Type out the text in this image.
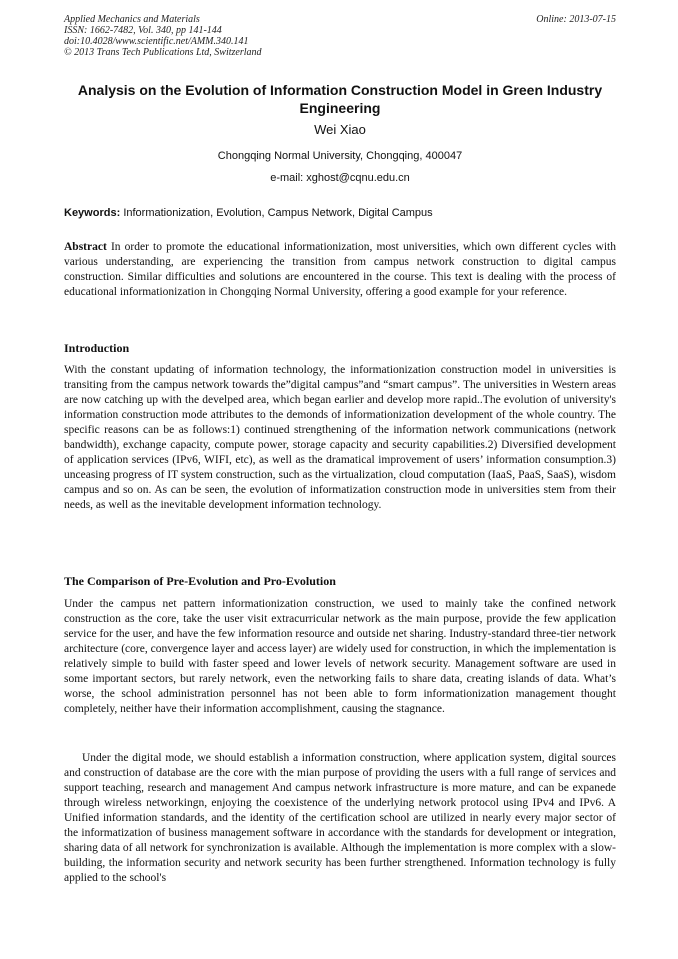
Applied Mechanics and Materials
ISSN: 1662-7482, Vol. 340, pp 141-144
doi:10.4028/www.scientific.net/AMM.340.141
© 2013 Trans Tech Publications Ltd, Switzerland
Online: 2013-07-15
Analysis on the Evolution of Information Construction Model in Green Industry Engineering
Wei Xiao
Chongqing Normal University, Chongqing, 400047
e-mail: xghost@cqnu.edu.cn
Keywords: Informationization, Evolution, Campus Network, Digital Campus

Abstract In order to promote the educational informationization, most universities, which own different cycles with various understanding, are experiencing the transition from campus network construction to digital campus construction. Similar difficulties and solutions are encountered in the course. This text is dealing with the process of educational informationization in Chongqing Normal University, offering a good example for your reference.

Introduction

With the constant updating of information technology, the informationization construction model in universities is transiting from the campus network towards the”digital campus”and “smart campus”. The universities in Western areas are now catching up with the develped area, which began earlier and develop more rapid..The evolution of university's information construction mode attributes to the demonds of informationization development of the whole country. The specific reasons can be as follows:1) continued strengthening of the information network communications (network bandwidth), exchange capacity, compute power, storage capacity and security capabilities.2) Diversified development of application services (IPv6, WIFI, etc), as well as the dramatical improvement of users’ information consumption.3) unceasing progress of IT system construction, such as the virtualization, cloud computation (IaaS, PaaS, SaaS), wisdom campus and so on. As can be seen, the evolution of informatization construction mode in universities stem from their needs, as well as the inevitable development information technology.

The Comparison of Pre-Evolution and Pro-Evolution

Under the campus net pattern informationization construction, we used to mainly take the confined network construction as the core, take the user visit extracurricular network as the main purpose, provide the few application service for the user, and have the few information resource and outside net sharing. Industry-standard three-tier network architecture (core, convergence layer and access layer) are widely used for construction, in which the implementation is relatively simple to build with faster speed and lower levels of network security. Management software are used in some important sectors, but rarely network, even the networking fails to share data, creating islands of data. What’s worse, the school administration personnel has not been able to form informationization management thought completely, neither have their information accomplishment, causing the stagnance.

Under the digital mode, we should establish a information construction, where application system, digital sources and construction of database are the core with the mian purpose of providing the users with a full range of services and support teaching, research and management And campus network infrastructure is more mature, and can be expanede through wireless networkingn, enjoying the coexistence of the underlying network protocol using IPv4 and IPv6. A Unified information standards, and the identity of the certification school are utilized in nearly every major sector of the informatization of business management software in accordance with the standards for development or integration, sharing data of all network for synchronization is available. Although the implementation is more complex with a slow-building, the information security and network security has been further strengthened. Information technology is fully applied to the school's
